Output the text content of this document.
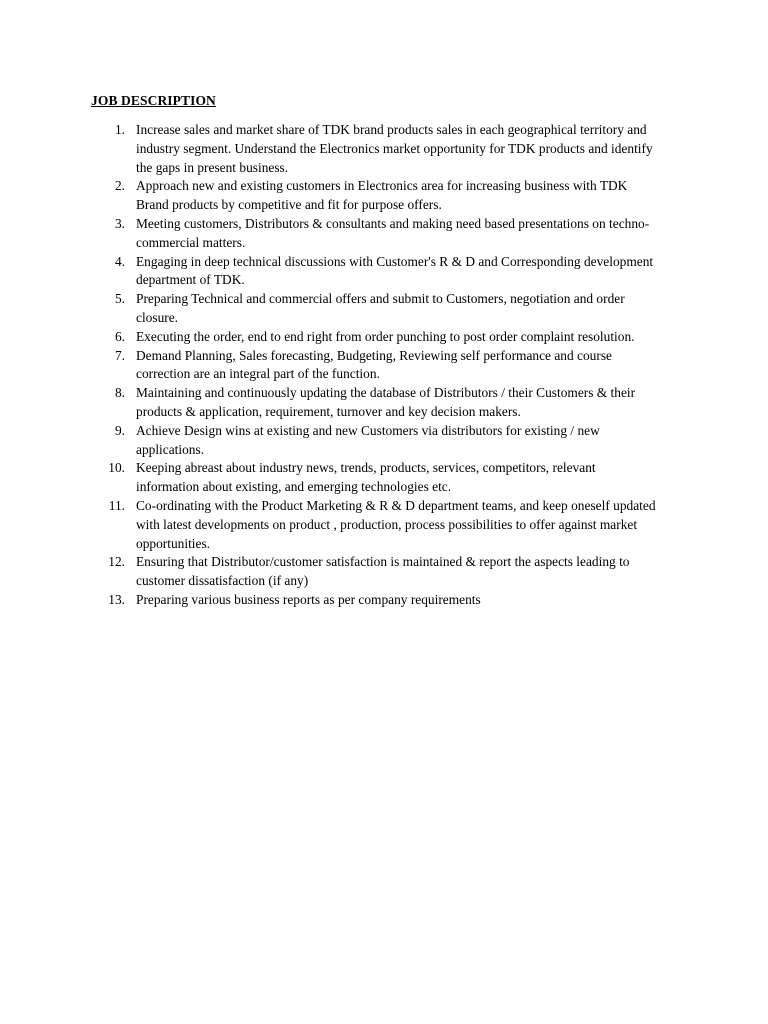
JOB DESCRIPTION
1. Increase sales and market share of TDK brand products sales in each geographical territory and
industry segment. Understand the Electronics market opportunity for TDK products and identify
the gaps in present business.
2. Approach new and existing customers in Electronics area for increasing business with TDK
Brand products by competitive and fit for purpose offers.
3. Meeting customers, Distributors & consultants and making need based presentations on techno-
commercial matters.
4. Engaging in deep technical discussions with Customer's R & D and Corresponding development
department of TDK.
5. Preparing Technical and commercial offers and submit to Customers, negotiation and order
closure.
6. Executing the order, end to end right from order punching to post order complaint resolution.
7. Demand Planning, Sales forecasting, Budgeting, Reviewing self performance and course
correction are an integral part of the function.
8. Maintaining and continuously updating the database of Distributors / their Customers & their
products & application, requirement, turnover and key decision makers.
9. Achieve Design wins at existing and new Customers via distributors for existing / new
applications.
10. Keeping abreast about industry news, trends, products, services, competitors, relevant
information about existing, and emerging technologies etc.
11. Co-ordinating with the Product Marketing & R & D department teams, and keep oneself updated
with latest developments on product , production, process possibilities to offer against market
opportunities.
12. Ensuring that Distributor/customer satisfaction is maintained & report the aspects leading to
customer dissatisfaction (if any)
13. Preparing various business reports as per company requirements
